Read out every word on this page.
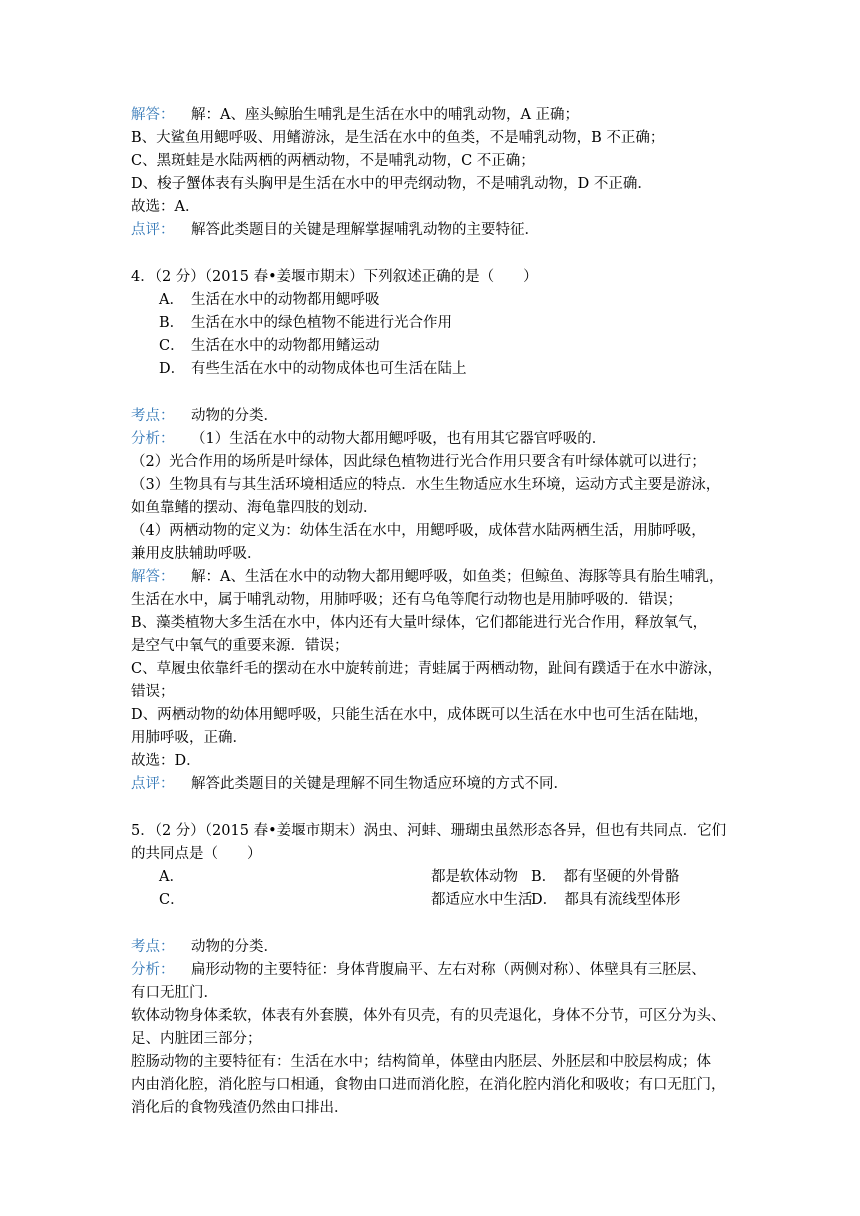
解答： 解：A、座头鲸胎生哺乳是生活在水中的哺乳动物，A 正确；
B、大鲨鱼用鳃呼吸、用鳍游泳，是生活在水中的鱼类，不是哺乳动物，B 不正确；
C、黑斑蛙是水陆两栖的两栖动物，不是哺乳动物，C 不正确；
D、梭子蟹体表有头胸甲是生活在水中的甲壳纲动物，不是哺乳动物，D 不正确．
故选：A．
点评： 解答此类题目的关键是理解掌握哺乳动物的主要特征．
4．（2 分）（2015 春•姜堰市期末）下列叙述正确的是（　　）
A． 生活在水中的动物都用鳃呼吸
B． 生活在水中的绿色植物不能进行光合作用
C． 生活在水中的动物都用鳍运动
D． 有些生活在水中的动物成体也可生活在陆上
考点： 动物的分类．
分析： （1）生活在水中的动物大都用鳃呼吸，也有用其它器官呼吸的．
（2）光合作用的场所是叶绿体，因此绿色植物进行光合作用只要含有叶绿体就可以进行；
（3）生物具有与其生活环境相适应的特点．水生生物适应水生环境，运动方式主要是游泳，
如鱼靠鳍的摆动、海龟靠四肢的划动．
（4）两栖动物的定义为：幼体生活在水中，用鳃呼吸，成体营水陆两栖生活，用肺呼吸，
兼用皮肤辅助呼吸．
解答： 解：A、生活在水中的动物大都用鳃呼吸，如鱼类；但鲸鱼、海豚等具有胎生哺乳，
生活在水中，属于哺乳动物，用肺呼吸；还有乌龟等爬行动物也是用肺呼吸的．错误；
B、藻类植物大多生活在水中，体内还有大量叶绿体，它们都能进行光合作用，释放氧气，
是空气中氧气的重要来源．错误；
C、草履虫依靠纤毛的摆动在水中旋转前进；青蛙属于两栖动物，趾间有蹼适于在水中游泳，
错误；
D、两栖动物的幼体用鳃呼吸，只能生活在水中，成体既可以生活在水中也可生活在陆地，
用肺呼吸，正确．
故选：D．
点评： 解答此类题目的关键是理解不同生物适应环境的方式不同．
5．（2 分）（2015 春•姜堰市期末）涡虫、河蚌、珊瑚虫虽然形态各异，但也有共同点．它们
的共同点是（　　）
A．	都是软体动物 B．　都有坚硬的外骨骼
C．	都适应水中生活
D．　都具有流线型体形
考点： 动物的分类．
分析： 扁形动物的主要特征：身体背腹扁平、左右对称（两侧对称）、体壁具有三胚层、
有口无肛门．
软体动物身体柔软，体表有外套膜，体外有贝壳，有的贝壳退化，身体不分节，可区分为头、
足、内脏团三部分；
腔肠动物的主要特征有：生活在水中；结构简单，体壁由内胚层、外胚层和中胶层构成；体
内由消化腔，消化腔与口相通，食物由口进而消化腔，在消化腔内消化和吸收；有口无肛门，
消化后的食物残渣仍然由口排出．
